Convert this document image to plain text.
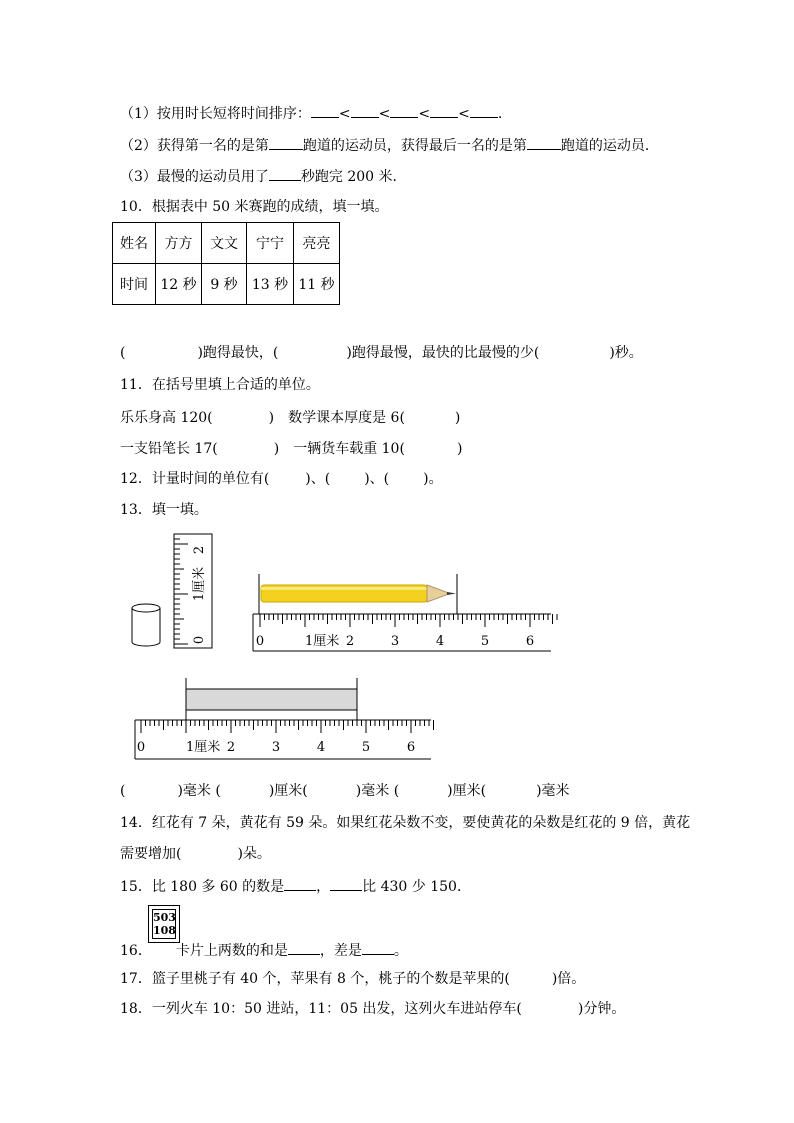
（1）按用时长短将时间排序： < < < < .
（2）获得第一名的是第 跑道的运动员，获得最后一名的是第 跑道的运动员．
（3）最慢的运动员用了 秒跑完 200 米．
10．根据表中 50 米赛跑的成绩，填一填。
姓名	方方	文文	宁宁	亮亮
时间	12 秒	9 秒	13 秒	11 秒
(	)跑得最快，(	)跑得最慢，最快的比最慢的少(	)秒。
11．在括号里填上合适的单位。
乐乐身高 120(	)　数学课本厚度是 6(	)
一支铅笔长 17(	)　一辆货车载重 10(	)
12．计量时间的单位有(	)、( )、( )。
13．填一填。
0
1厘米
2
0	1厘米 2	3	4	5	6
0	1厘米 2	3	4	5	6
(	)毫米 (	)厘米(	)毫米 (	)厘米(	)毫米
14．红花有 7 朵，黄花有 59 朵。如果红花朵数不变，要使黄花的朵数是红花的 9 倍，黄花
需要增加(	)朵。
15．比 180 多 60 的数是 ， 比 430 少 150．
503
108
16． 卡片上两数的和是 ，差是 。
17．篮子里桃子有 40 个，苹果有 8 个，桃子的个数是苹果的(	)倍。
18．一列火车 10：50 进站，11：05 出发，这列火车进站停车(	)分钟。
